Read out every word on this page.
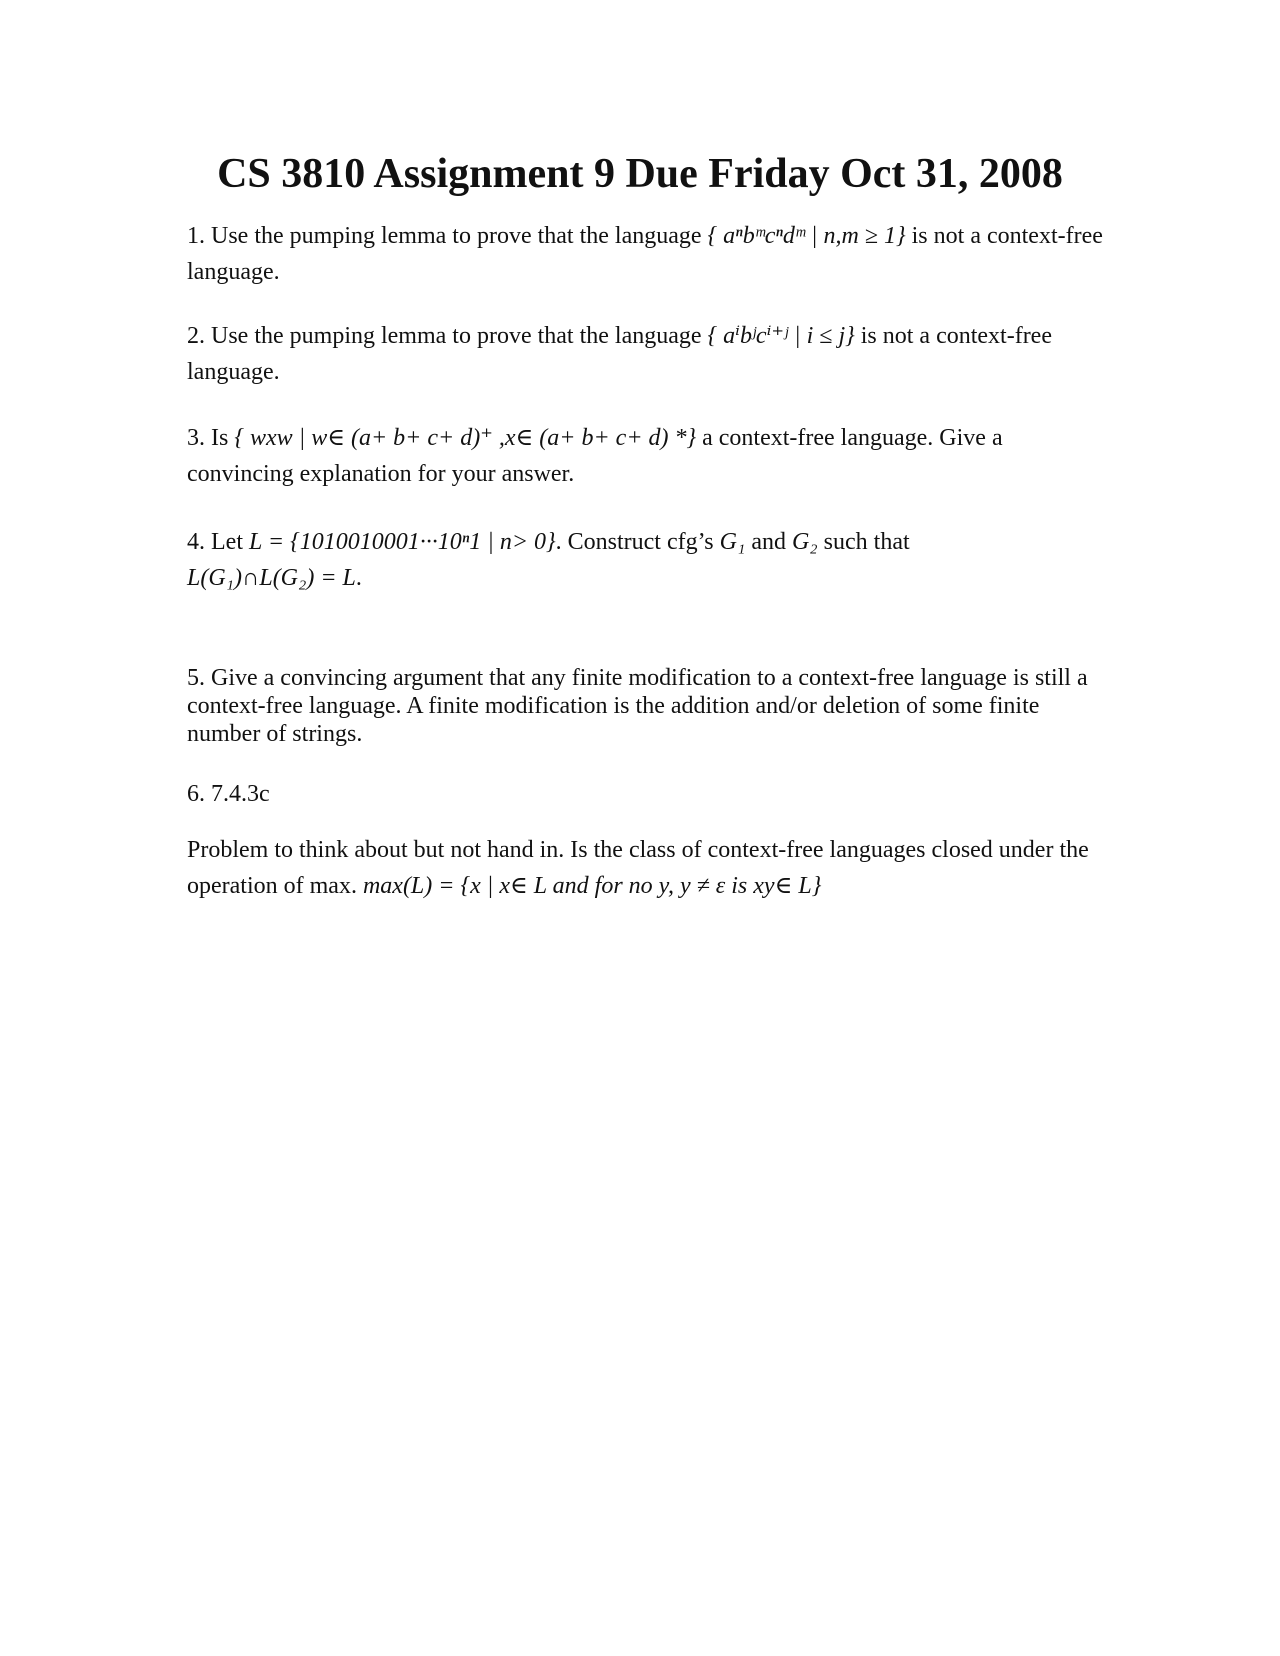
CS 3810 Assignment 9 Due Friday Oct 31, 2008

1. Use the pumping lemma to prove that the language { aⁿbᵐcⁿdᵐ | n,m ≥ 1} is not a context-free language.

2. Use the pumping lemma to prove that the language { aⁱbʲcⁱ⁺ʲ | i ≤ j} is not a context-free language.

3. Is { wxw | w∈ (a+ b+ c+ d)⁺ ,x∈ (a+ b+ c+ d) *} a context-free language. Give a convincing explanation for your answer.

4. Let L = {1010010001···10ⁿ1 | n> 0}. Construct cfg’s G₁ and G₂ such that
L(G₁)∩L(G₂) = L.

5. Give a convincing argument that any finite modification to a context-free language is still a context-free language. A finite modification is the addition and/or deletion of some finite number of strings.

6. 7.4.3c

Problem to think about but not hand in. Is the class of context-free languages closed under the operation of max. max(L) = {x | x∈ L and for no y, y ≠ ε is xy∈ L}
